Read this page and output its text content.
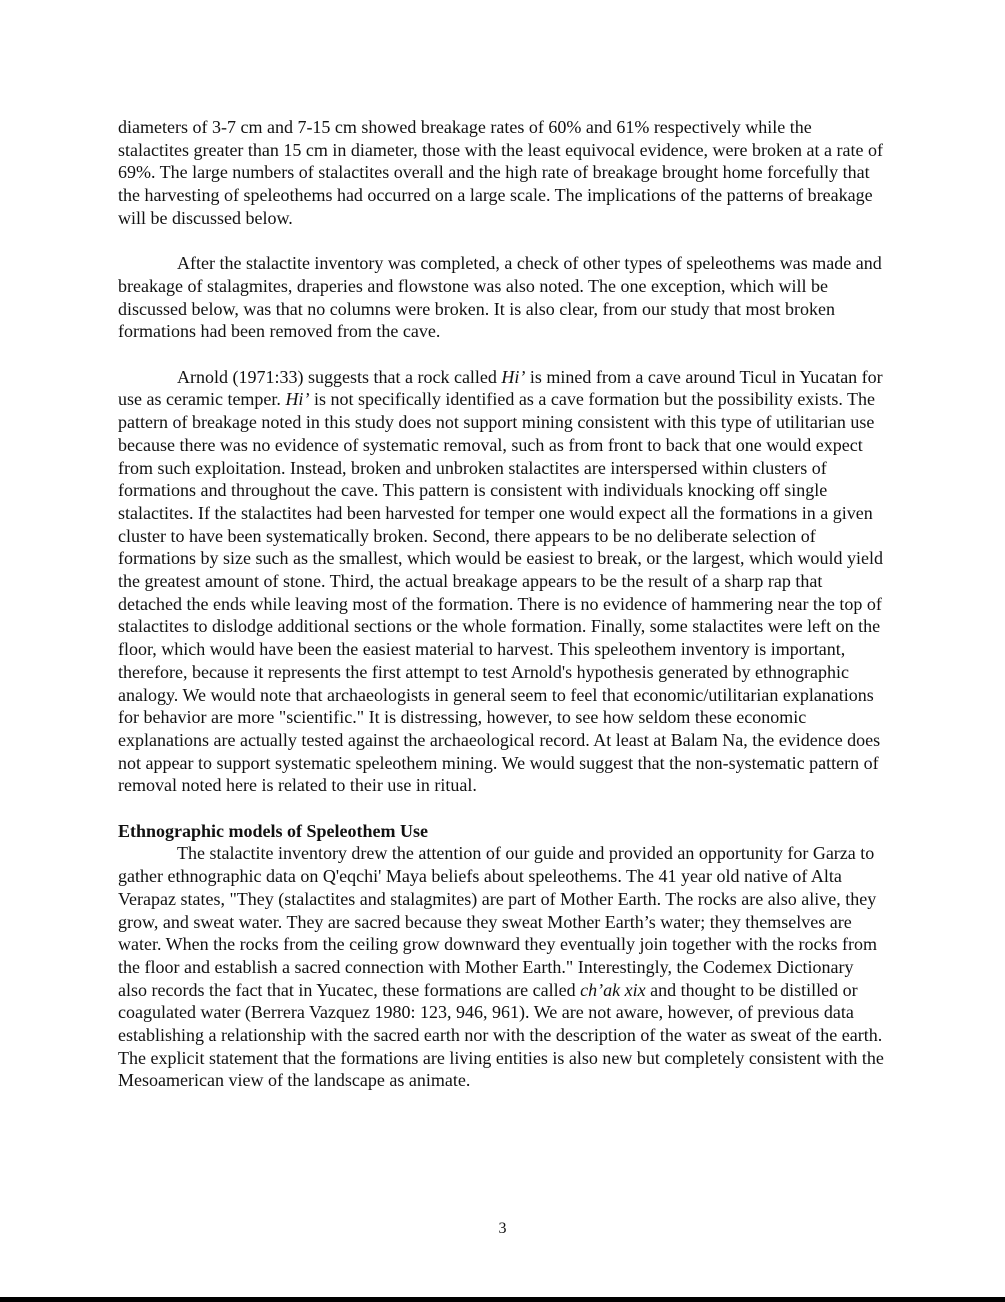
diameters of 3-7 cm and 7-15 cm showed breakage rates of 60% and 61% respectively while the stalactites greater than 15 cm in diameter, those with the least equivocal evidence, were broken at a rate of 69%. The large numbers of stalactites overall and the high rate of breakage brought home forcefully that the harvesting of speleothems had occurred on a large scale. The implications of the patterns of breakage will be discussed below.

After the stalactite inventory was completed, a check of other types of speleothems was made and breakage of stalagmites, draperies and flowstone was also noted. The one exception, which will be discussed below, was that no columns were broken. It is also clear, from our study that most broken formations had been removed from the cave.

Arnold (1971:33) suggests that a rock called Hi’ is mined from a cave around Ticul in Yucatan for use as ceramic temper. Hi’ is not specifically identified as a cave formation but the possibility exists. The pattern of breakage noted in this study does not support mining consistent with this type of utilitarian use because there was no evidence of systematic removal, such as from front to back that one would expect from such exploitation. Instead, broken and unbroken stalactites are interspersed within clusters of formations and throughout the cave. This pattern is consistent with individuals knocking off single stalactites. If the stalactites had been harvested for temper one would expect all the formations in a given cluster to have been systematically broken. Second, there appears to be no deliberate selection of formations by size such as the smallest, which would be easiest to break, or the largest, which would yield the greatest amount of stone. Third, the actual breakage appears to be the result of a sharp rap that detached the ends while leaving most of the formation. There is no evidence of hammering near the top of stalactites to dislodge additional sections or the whole formation. Finally, some stalactites were left on the floor, which would have been the easiest material to harvest. This speleothem inventory is important, therefore, because it represents the first attempt to test Arnold's hypothesis generated by ethnographic analogy. We would note that archaeologists in general seem to feel that economic/utilitarian explanations for behavior are more "scientific." It is distressing, however, to see how seldom these economic explanations are actually tested against the archaeological record. At least at Balam Na, the evidence does not appear to support systematic speleothem mining. We would suggest that the non-systematic pattern of removal noted here is related to their use in ritual.

Ethnographic models of Speleothem Use

The stalactite inventory drew the attention of our guide and provided an opportunity for Garza to gather ethnographic data on Q'eqchi' Maya beliefs about speleothems. The 41 year old native of Alta Verapaz states, "They (stalactites and stalagmites) are part of Mother Earth. The rocks are also alive, they grow, and sweat water. They are sacred because they sweat Mother Earth’s water; they themselves are water. When the rocks from the ceiling grow downward they eventually join together with the rocks from the floor and establish a sacred connection with Mother Earth." Interestingly, the Codemex Dictionary also records the fact that in Yucatec, these formations are called ch’ak xix and thought to be distilled or coagulated water (Berrera Vazquez 1980: 123, 946, 961). We are not aware, however, of previous data establishing a relationship with the sacred earth nor with the description of the water as sweat of the earth. The explicit statement that the formations are living entities is also new but completely consistent with the Mesoamerican view of the landscape as animate.

3
